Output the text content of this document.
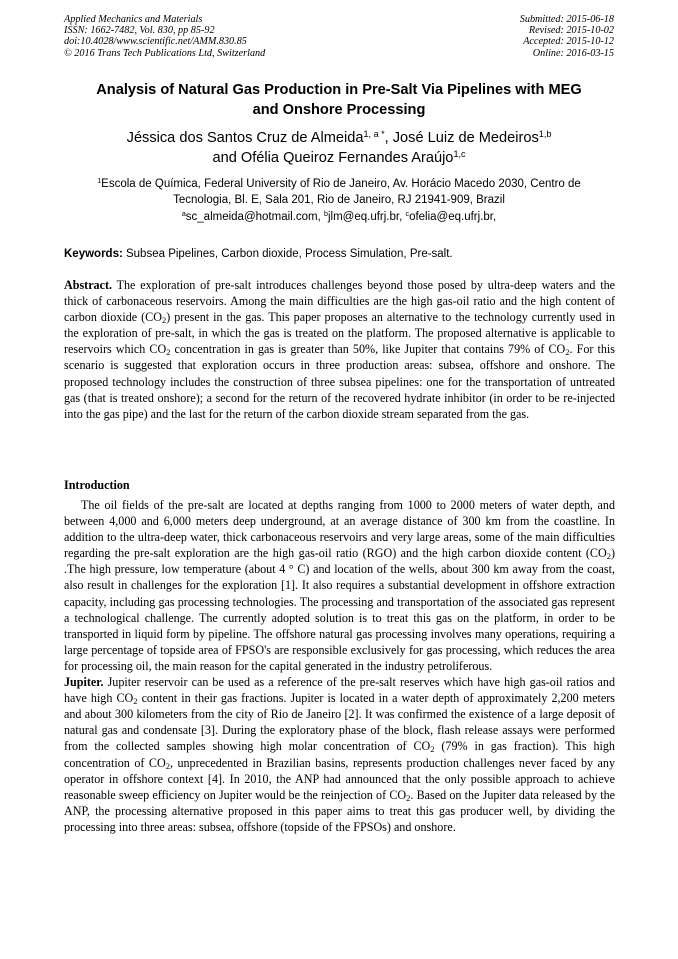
Applied Mechanics and Materials
ISSN: 1662-7482, Vol. 830, pp 85-92
doi:10.4028/www.scientific.net/AMM.830.85
© 2016 Trans Tech Publications Ltd, Switzerland
Submitted: 2015-06-18
Revised: 2015-10-02
Accepted: 2015-10-12
Online: 2016-03-15
Analysis of Natural Gas Production in Pre-Salt Via Pipelines with MEG
and Onshore Processing
Jéssica dos Santos Cruz de Almeida$^{1, a *}$, José Luiz de Medeiros$^{1,b}$
and Ofélia Queiroz Fernandes Araújo$^{1,c}$
$^1$Escola de Química, Federal University of Rio de Janeiro, Av. Horácio Macedo 2030, Centro de
Tecnologia, Bl. E, Sala 201, Rio de Janeiro, RJ 21941-909, Brazil
$^a$sc_almeida@hotmail.com, $^b$jlm@eq.ufrj.br, $^c$ofelia@eq.ufrj.br,
Keywords: Subsea Pipelines, Carbon dioxide, Process Simulation, Pre-salt.
Abstract. The exploration of pre-salt introduces challenges beyond those posed by ultra-deep waters and the thick of carbonaceous reservoirs. Among the main difficulties are the high gas-oil ratio and the high content of carbon dioxide $(CO_2)$ present in the gas. This paper proposes an alternative to the technology currently used in the exploration of pre-salt, in which the gas is treated on the platform. The proposed alternative is applicable to reservoirs which $CO_2$ concentration in gas is greater than 50%, like Jupiter that contains 79% of $CO_2$. For this scenario is suggested that exploration occurs in three production areas: subsea, offshore and onshore. The proposed technology includes the construction of three subsea pipelines: one for the transportation of untreated gas (that is treated onshore); a second for the return of the recovered hydrate inhibitor (in order to be re-injected into the gas pipe) and the last for the return of the carbon dioxide stream separated from the gas.
Introduction

The oil fields of the pre-salt are located at depths ranging from 1000 to 2000 meters of water depth, and between 4,000 and 6,000 meters deep underground, at an average distance of 300 km from the coastline. In addition to the ultra-deep water, thick carbonaceous reservoirs and very large areas, some of the main difficulties regarding the pre-salt exploration are the high gas-oil ratio (RGO) and the high carbon dioxide content $(CO_2)$ .The high pressure, low temperature (about 4 ° C) and location of the wells, about 300 km away from the coast, also result in challenges for the exploration [1]. It also requires a substantial development in offshore extraction capacity, including gas processing technologies. The processing and transportation of the associated gas represent a technological challenge. The currently adopted solution is to treat this gas on the platform, in order to be transported in liquid form by pipeline. The offshore natural gas processing involves many operations, requiring a large percentage of topside area of FPSO's are responsible exclusively for gas processing, which reduces the area for processing oil, the main reason for the capital generated in the industry petroliferous.

Jupiter. Jupiter reservoir can be used as a reference of the pre-salt reserves which have high gas-oil ratios and have high $CO_2$ content in their gas fractions. Jupiter is located in a water depth of approximately 2,200 meters and about 300 kilometers from the city of Rio de Janeiro [2]. It was confirmed the existence of a large deposit of natural gas and condensate [3]. During the exploratory phase of the block, flash release assays were performed from the collected samples showing high molar concentration of $CO_2$ (79% in gas fraction). This high concentration of $CO_2$, unprecedented in Brazilian basins, represents production challenges never faced by any operator in offshore context [4]. In 2010, the ANP had announced that the only possible approach to achieve reasonable sweep efficiency on Jupiter would be the reinjection of $CO_2$. Based on the Jupiter data released by the ANP, the processing alternative proposed in this paper aims to treat this gas producer well, by dividing the processing into three areas: subsea, offshore (topside of the FPSOs) and onshore.
